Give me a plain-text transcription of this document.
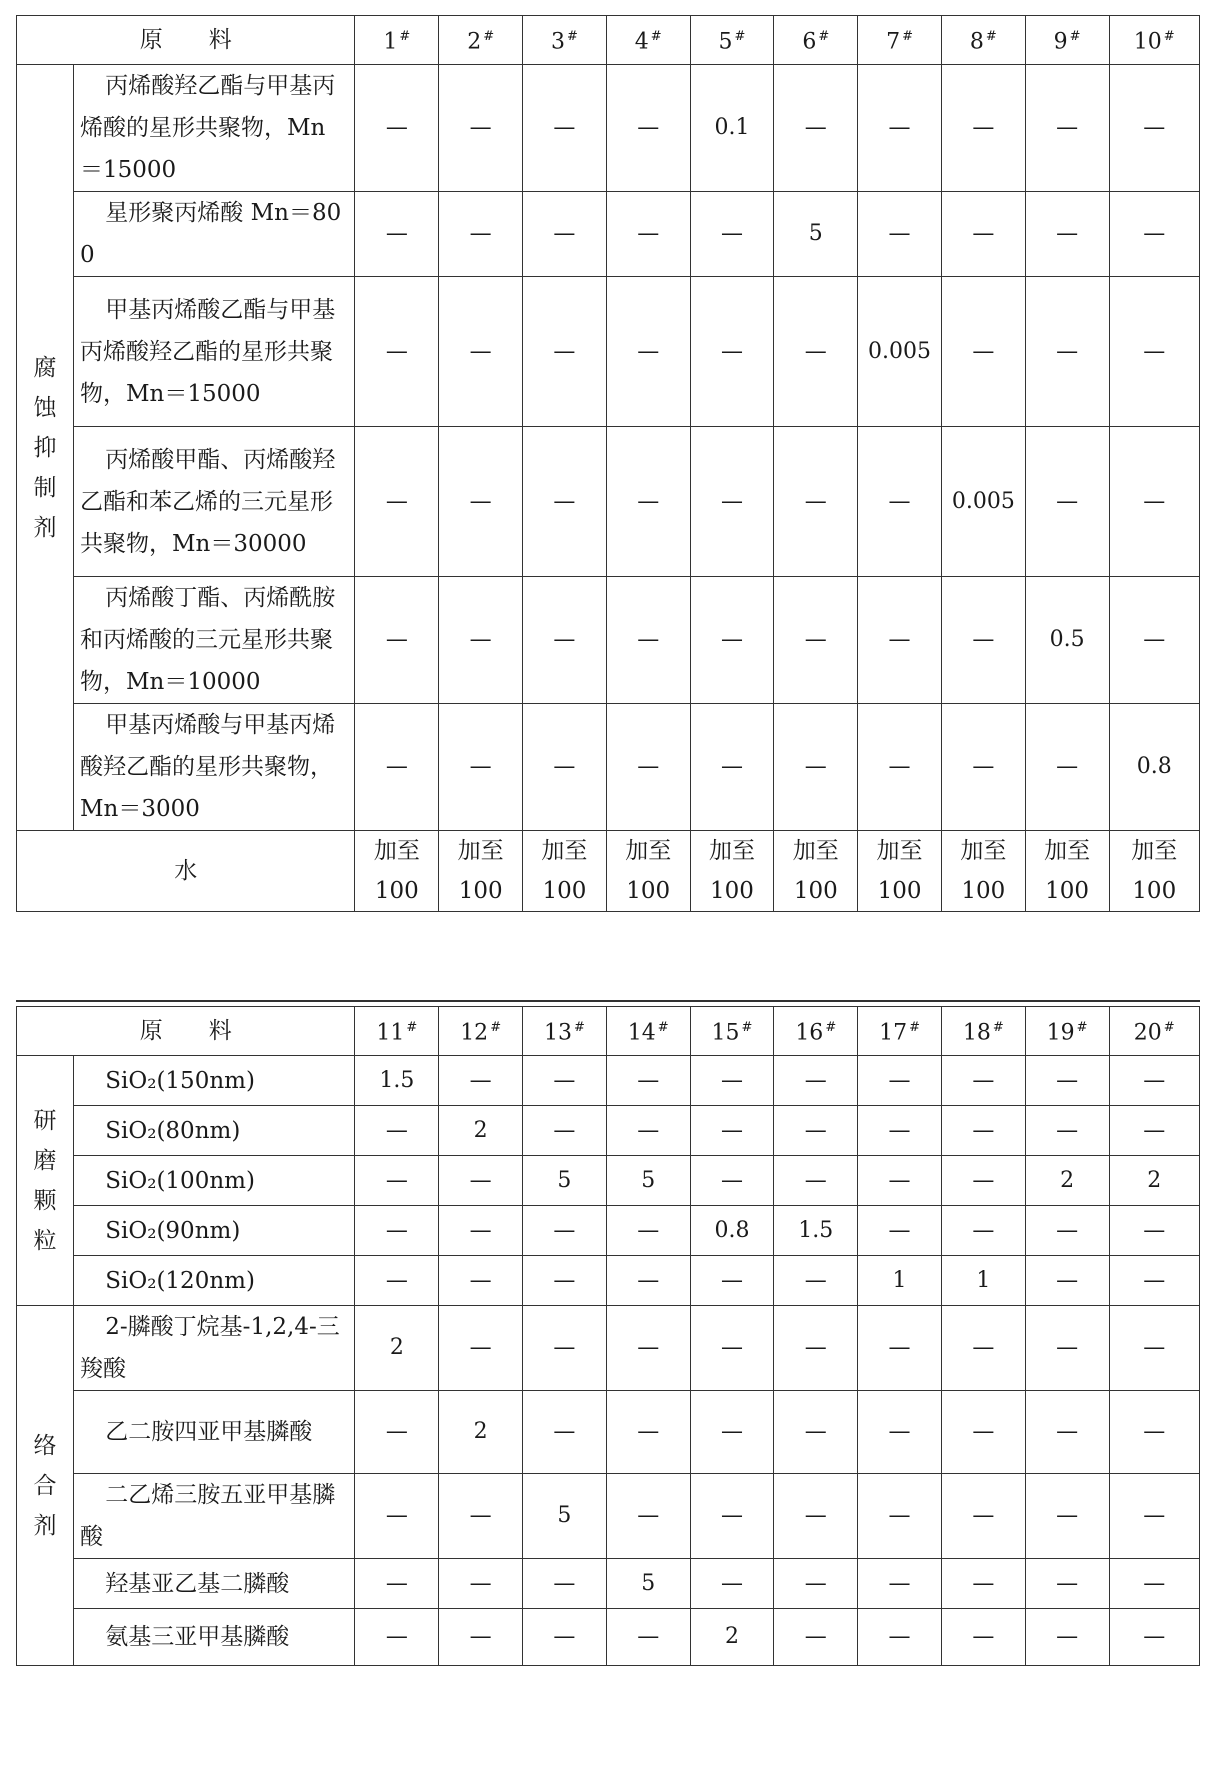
原　　料		1 #	2 #	3 #	4 #	5 #	6 #	7 #	8 #	9 #	10 #

腐蚀抑制剂	丙烯酸羟乙酯与甲基丙烯酸的星形共聚物，Mn＝15000	—	—	—	—	0.1	—	—	—	—	—
	星形聚丙烯酸 Mn＝800	—	—	—	—	—	5	—	—	—	—
	甲基丙烯酸乙酯与甲基丙烯酸羟乙酯的星形共聚物，Mn＝15000	—	—	—	—	—	—	0.005	—	—	—
	丙烯酸甲酯、丙烯酸羟乙酯和苯乙烯的三元星形共聚物，Mn＝30000	—	—	—	—	—	—	—	0.005	—	—
	丙烯酸丁酯、丙烯酰胺和丙烯酸的三元星形共聚物，Mn＝10000	—	—	—	—	—	—	—	—	0.5	—
	甲基丙烯酸与甲基丙烯酸羟乙酯的星形共聚物，Mn＝3000	—	—	—	—	—	—	—	—	—	0.8
水		加至100	加至100	加至100	加至100	加至100	加至100	加至100	加至100	加至100	加至100
原　　料		11 #	12 #	13 #	14 #	15 #	16 #	17 #	18 #	19 #	20 #

研磨颗粒	SiO₂(150nm)	1.5	—	—	—	—	—	—	—	—	—
	SiO₂(80nm)	—	2	—	—	—	—	—	—	—	—
	SiO₂(100nm)	—	—	5	5	—	—	—	—	2	2
	SiO₂(90nm)	—	—	—	—	0.8	1.5	—	—	—	—
	SiO₂(120nm)	—	—	—	—	—	—	1	1	—	—

络合剂	2-膦酸丁烷基-1,2,4-三羧酸	2	—	—	—	—	—	—	—	—	—
	乙二胺四亚甲基膦酸	—	2	—	—	—	—	—	—	—	—
	二乙烯三胺五亚甲基膦酸	—	—	5	—	—	—	—	—	—	—
	羟基亚乙基二膦酸	—	—	—	5	—	—	—	—	—	—
	氨基三亚甲基膦酸	—	—	—	—	2	—	—	—	—	—
